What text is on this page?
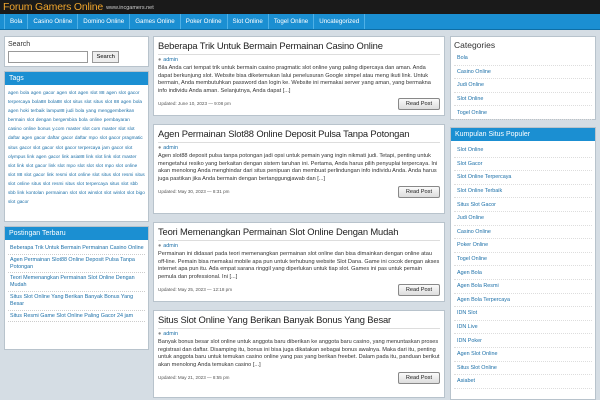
Forum Gamers Online www.incgamers.net
Bola	Casino Online	Domino Online	Games Online	Poker Online	Slot Online	Togel Online	Uncategorized
Search
Search
Tags
agen bola agen gacor agen slot agen slot 88 agen slot gacor terpercaya bola88 bola88 slot situs slot situs slot 88 agen bola agen hoki terbaik lampu88 judi bola yang menggemberikan bermain slot dengan bergembira bola online pembayaran casino online bonus y.com master slot com master slot slot daftar agen gacor daftar gacor daftar mpo slot gacor pragmatic situs gacor slot gacor slot gacor terpercaya jam gacor slot olympus link agen gacor link asia88 link slot link slot master slot link slot gacor link slot mpo slot slot slot mpo slot online slot 88 slot gacor link resmi slot online slot situs slot resmi situs slot online situs slot resmi situs slot terpercaya situs slot sbb sbb link kontolan permainan slot slot winslot slot winlot slot bigo slot gacor
Postingan Terbaru
Beberapa Trik Untuk Bermain Permainan Casino Online
Agen Permainan Slot88 Online Deposit Pulsa Tanpa Potongan
Teori Memenangkan Permainan Slot Online Dengan Mudah
Situs Slot Online Yang Berikan Banyak Bonus Yang Besar
Situs Resmi Game Slot Online Paling Gacor 24 jam
Beberapa Trik Untuk Bermain Permainan Casino Online
● admin
Bila Anda cari tempat trik untuk bermain casino pragmatic slot online yang paling dipercaya dan aman. Anda dapat berkunjung slot. Website bisa diketemukan lalui penelusuran Google simpel atau meng ikuti link. Untuk bermain, Anda membutuhkan password dan login ke. Website ini memakai server yang aman, yang bermakna info individu Anda aman. Selanjutnya, Anda dapat [...]
Updated: June 10, 2023 — 9:08 pm	Read Post
Agen Permainan Slot88 Online Deposit Pulsa Tanpa Potongan
● admin
Agen slot88 deposit pulsa tanpa potongan jadi opsi untuk pemain yang ingin nikmati judi. Tetapi, penting untuk mengetahui resiko yang berkaitan dengan sistem taruhan ini. Pertama, Anda harus pilih penyuplai terpercaya. Ini akan menolong Anda menghindar dari situs penipuan dan membuat perlindungan info individu Anda. Anda harus juga pastikan jika Anda bermain dengan bertanggungjawab dan [...]
Updated: May 30, 2023 — 8:31 pm	Read Post
Teori Memenangkan Permainan Slot Online Dengan Mudah
● admin
Permainan ini didasari pada teori memenangkan permainan slot online dan bisa dimainkan dengan online atau off-line. Pemain bisa memakai mobile apa pun untuk terhubung website Slot Dana. Game ini cocok dengan akses internet apa pun itu. Ada empat sarana ringgil yang diperlukan untuk tiap slot. Games ini pas untuk pemain pemula dan professional. Ini [...]
Updated: May 25, 2023 — 12:18 pm	Read Post
Situs Slot Online Yang Berikan Banyak Bonus Yang Besar
● admin
Banyak bonus besar slot online untuk anggota baru diberikan ke anggota baru casino, yang menuntaskan proses registrasi dan daftar. Disamping itu, bonus ini bisa juga dikatakan sebagai bonus awalnya. Maka dari itu, penting untuk anggota baru untuk temukan casino online yang pas yang berikan freebet. Dalam pada itu, panduan berikut akan menolong Anda temukan casino [...]
Updated: May 21, 2023 — 8:55 pm	Read Post
Categories
Bola
Casino Online
Judi Online
Slot Online
Togel Online
Kumpulan Situs Populer
Slot Online
Slot Gacor
Slot Online Terpercaya
Slot Online Terbaik
Situs Slot Gacor
Judi Online
Casino Online
Poker Online
Togel Online
Agen Bola
Agen Bola Resmi
Agen Bola Terpercaya
IDN Slot
IDN Live
IDN Poker
Agen Slot Online
Situs Slot Online
Asiabet
